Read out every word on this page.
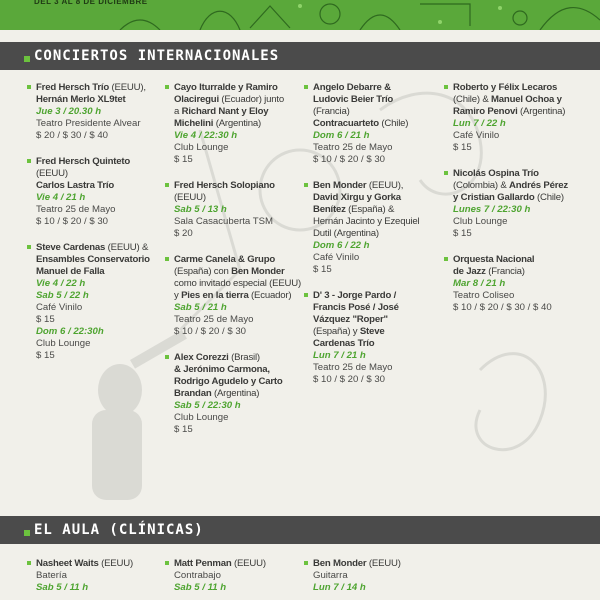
DEL 3 AL 8 DE DICIEMBRE
CONCIERTOS INTERNACIONALES
Fred Hersch Trío (EEUU),
Hernán Merlo XL9tet
Jue 3 / 20.30 h
Teatro Presidente Alvear
$ 20 / $ 30 / $ 40
Fred Hersch Quinteto
(EEUU)
Carlos Lastra Trío
Vie 4 / 21 h
Teatro 25 de Mayo
$ 10 / $ 20 / $ 30
Steve Cardenas (EEUU) &
Ensambles Conservatorio
Manuel de Falla
Vie 4 / 22 h
Sab 5 / 22 h
Café Vinilo
$ 15
Dom 6 / 22:30h
Club Lounge
$ 15
Cayo Iturralde y Ramiro
Olaciregui (Ecuador) junto
a Richard Nant y Eloy
Michelini (Argentina)
Vie 4 / 22:30 h
Club Lounge
$ 15
Fred Hersch Solopiano
(EEUU)
Sab 5 / 13 h
Sala Casacuberta TSM
$ 20
Carme Canela & Grupo
(España) con Ben Monder
como invitado especial (EEUU)
y Pies en la tierra (Ecuador)
Sab 5 / 21 h
Teatro 25 de Mayo
$ 10 / $ 20 / $ 30
Alex Corezzi (Brasil)
& Jerónimo Carmona,
Rodrigo Agudelo y Carto
Brandan (Argentina)
Sab 5 / 22:30 h
Club Lounge
$ 15
Angelo Debarre &
Ludovic Beier Trío
(Francia)
Contracuarteto (Chile)
Dom 6 / 21 h
Teatro 25 de Mayo
$ 10 / $ 20 / $ 30
Ben Monder (EEUU),
David Xirgu y Gorka
Benítez (España) &
Hernán Jacinto y Ezequiel
Dutil (Argentina)
Dom 6 / 22 h
Café Vinilo
$ 15
D' 3 - Jorge Pardo /
Francis Posé / José
Vázquez "Roper"
(España) y Steve
Cardenas Trío
Lun 7 / 21 h
Teatro 25 de Mayo
$ 10 / $ 20 / $ 30
Roberto y Félix Lecaros
(Chile) & Manuel Ochoa y
Ramiro Penovi (Argentina)
Lun 7 / 22 h
Café Vinilo
$ 15
Nicolás Ospina Trío
(Colombia) & Andrés Pérez
y Cristian Gallardo (Chile)
Lunes 7 / 22:30 h
Club Lounge
$ 15
Orquesta Nacional
de Jazz (Francia)
Mar 8 / 21 h
Teatro Coliseo
$ 10 / $ 20 / $ 30 / $ 40
EL AULA (CLÍNICAS)
Nasheet Waits (EEUU)
Batería
Sab 5 / 11 h
Matt Penman (EEUU)
Contrabajo
Sab 5 / 11 h
Ben Monder (EEUU)
Guitarra
Lun 7 / 14 h
